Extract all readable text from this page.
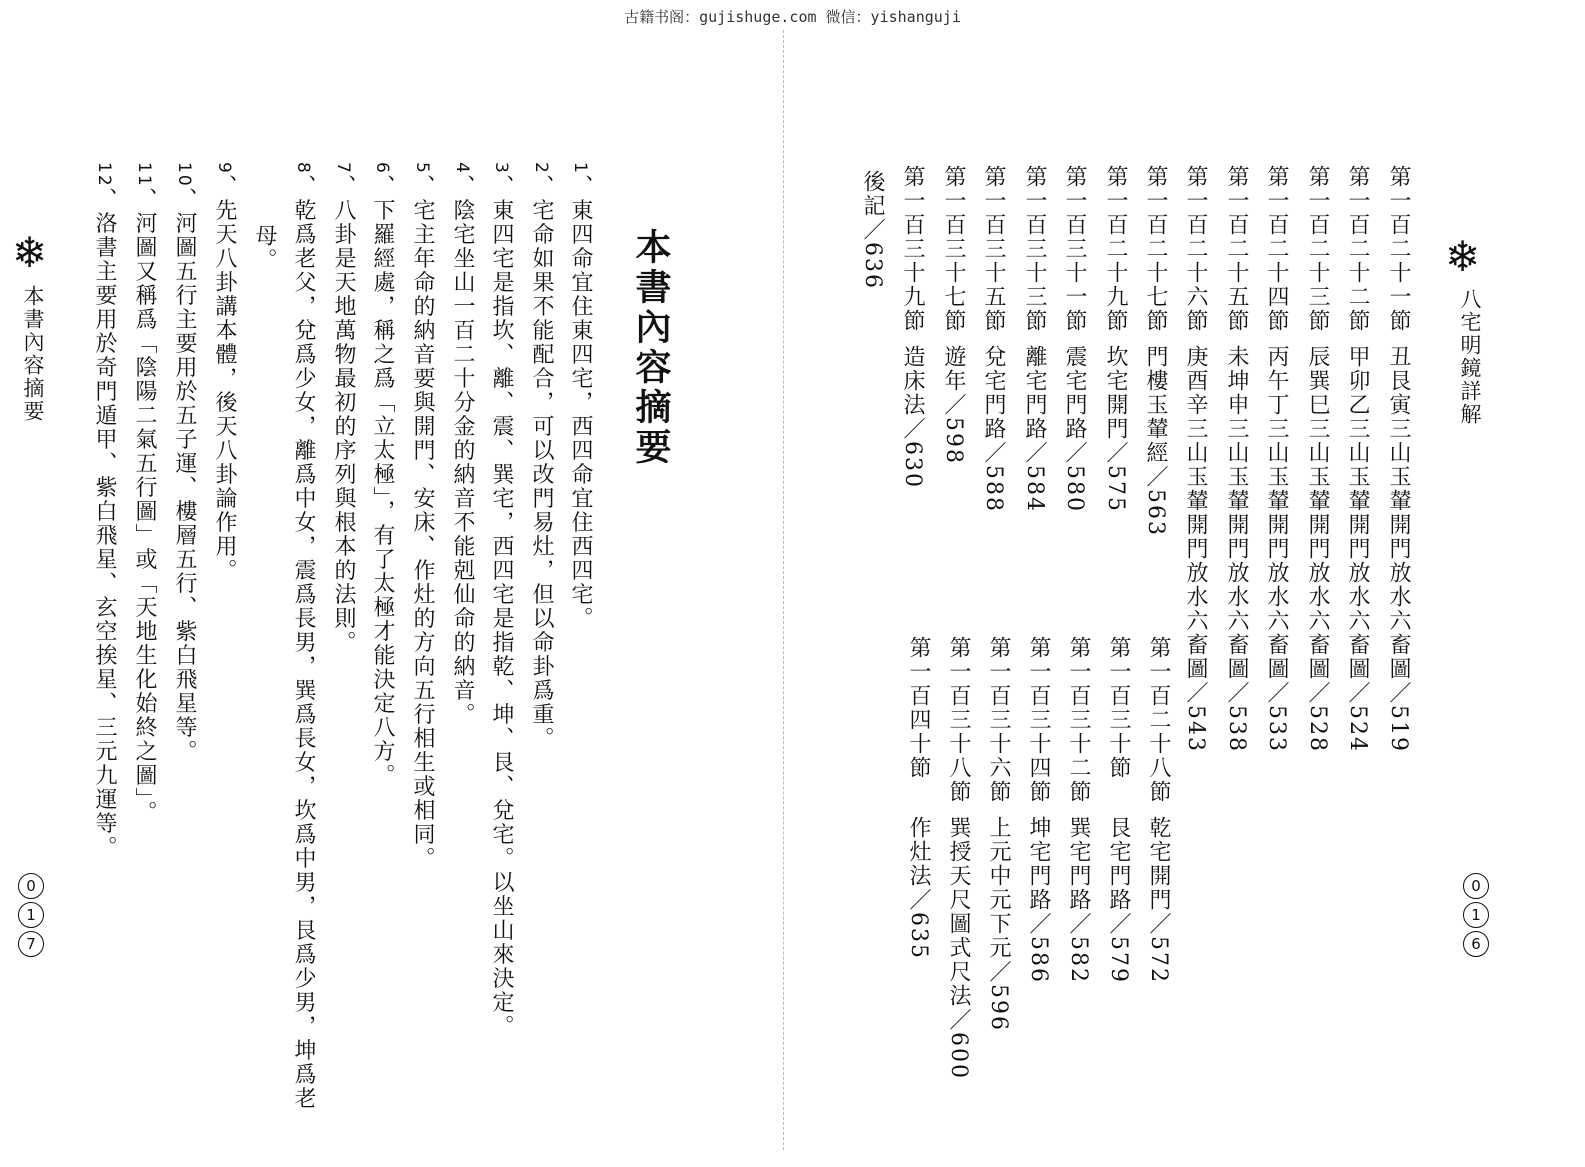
古籍书阁：gujishuge.com 微信：yishanguji
❄
本書內容摘要
0
1
7
本書內容摘要
1、東四命宜住東四宅，西四命宜住西四宅。
2、宅命如果不能配合，可以改門易灶，但以命卦爲重。
3、東四宅是指坎、離、震、巽宅，西四宅是指乾、坤、艮、兌宅。以坐山來決定。
4、陰宅坐山一百二十分金的納音不能剋仙命的納音。
5、宅主年命的納音要與開門、安床、作灶的方向五行相生或相同。
6、下羅經處，稱之爲「立太極」，有了太極才能決定八方。
7、八卦是天地萬物最初的序列與根本的法則。
8、乾爲老父，兌爲少女，離爲中女，震爲長男，巽爲長女，坎爲中男，艮爲少男，坤爲老
母。
9、先天八卦講本體，後天八卦論作用。
10、河圖五行主要用於五子運、樓層五行、紫白飛星等。
11、河圖又稱爲「陰陽二氣五行圖」或「天地生化始終之圖」。
12、洛書主要用於奇門遁甲、紫白飛星、玄空挨星、三元九運等。	❄
八宅明鏡詳解
0
1
6
第一百二十一節
丑艮寅三山玉輦開門放水六畜圖／519
第一百二十二節
甲卯乙三山玉輦開門放水六畜圖／524
第一百二十三節
辰巽巳三山玉輦開門放水六畜圖／528
第一百二十四節
丙午丁三山玉輦開門放水六畜圖／533
第一百二十五節
未坤申三山玉輦開門放水六畜圖／538
第一百二十六節
庚酉辛三山玉輦開門放水六畜圖／543
第一百二十七節
門樓玉輦經／563
第一百二十九節
坎宅開門／575
第一百三十一節
震宅門路／580
第一百三十三節
離宅門路／584
第一百三十五節
兌宅門路／588
第一百三十七節
遊年／598
第一百三十九節
造床法／630
後記／636
第一百二十八節
乾宅開門／572
第一百三十節
艮宅門路／579
第一百三十二節
巽宅門路／582
第一百三十四節
坤宅門路／586
第一百三十六節
上元中元下元／596
第一百三十八節
巽授天尺圖式尺法／600
第一百四十節
作灶法／635
